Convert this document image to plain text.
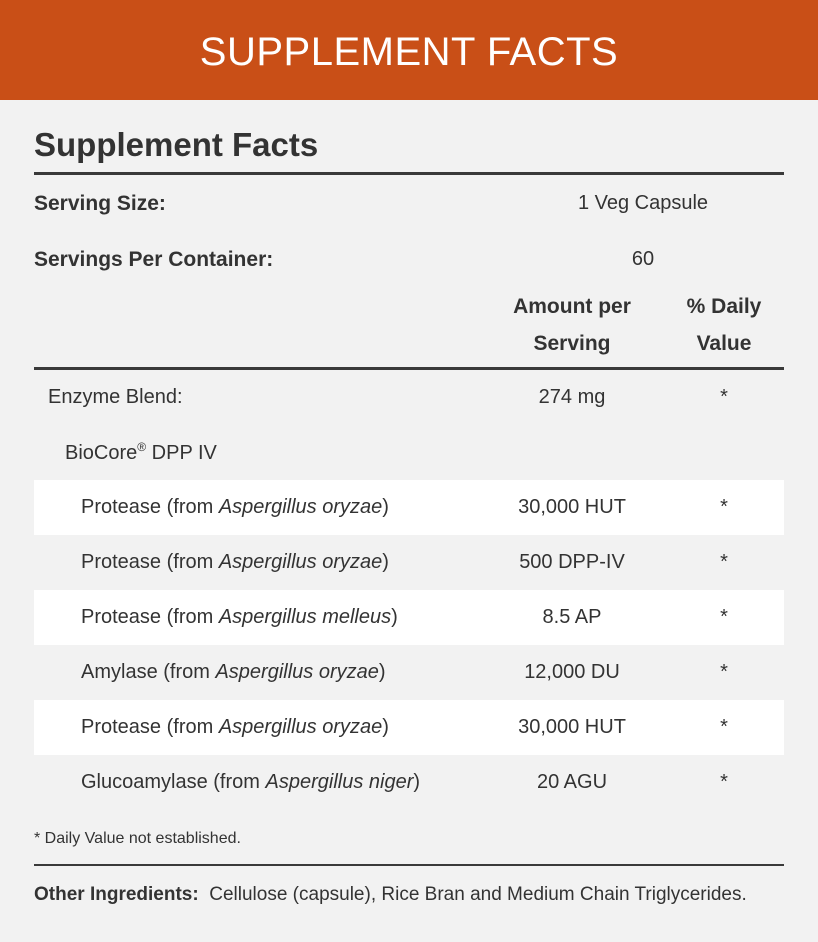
SUPPLEMENT FACTS
Supplement Facts
Serving Size:	1 Veg Capsule
Servings Per Container:	60
Amount per
Serving
% Daily
Value
Enzyme Blend:	274 mg	*
BioCore® DPP IV
Protease (from Aspergillus oryzae)	30,000 HUT	*
Protease (from Aspergillus oryzae)	500 DPP-IV	*
Protease (from Aspergillus melleus)	8.5 AP	*
Amylase (from Aspergillus oryzae)	12,000 DU	*
Protease (from Aspergillus oryzae)	30,000 HUT	*
Glucoamylase (from Aspergillus niger)	20 AGU	*
* Daily Value not established.
Other Ingredients: Cellulose (capsule), Rice Bran and Medium Chain Triglycerides.
